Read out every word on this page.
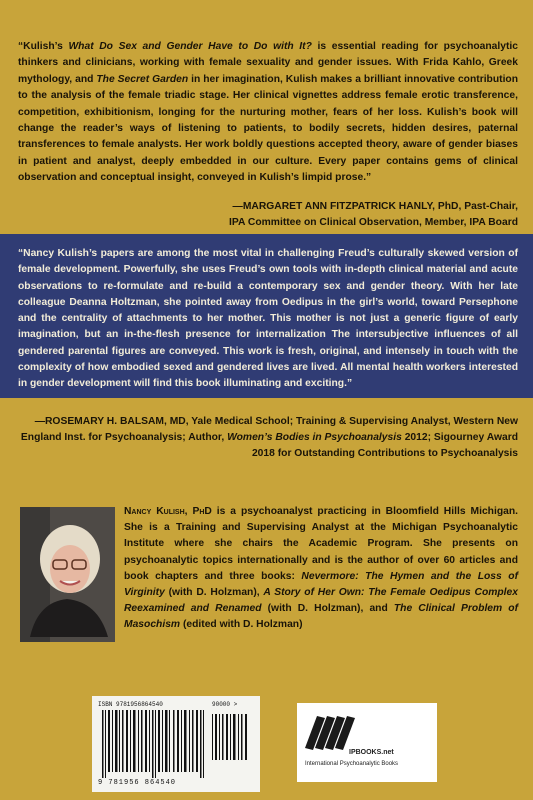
“Kulish’s What Do Sex and Gender Have to Do with It? is essential reading for psychoanalytic thinkers and clinicians, working with female sexuality and gender issues. With Frida Kahlo, Greek mythology, and The Secret Garden in her imagination, Kulish makes a brilliant innovative contribution to the analysis of the female triadic stage. Her clinical vignettes address female erotic transference, competition, exhibitionism, longing for the nurturing mother, fears of her loss. Kulish’s book will change the reader’s ways of listening to patients, to bodily secrets, hidden desires, paternal transferences to female analysts. Her work boldly questions accepted theory, aware of gender biases in patient and analyst, deeply embedded in our culture. Every paper contains gems of clinical observation and conceptual insight, conveyed in Kulish’s limpid prose.”
“Nancy Kulish’s papers are among the most vital in challenging Freud’s culturally skewed version of female development. Powerfully, she uses Freud’s own tools with in-depth clinical material and acute observations to re-formulate and re-build a contemporary sex and gender theory. With her late colleague Deanna Holtzman, she pointed away from Oedipus in the girl’s world, toward Persephone and the centrality of attachments to her mother. This mother is not just a generic figure of early imagination, but an in-the-flesh presence for internalization The intersubjective influences of all gendered parental figures are conveyed. This work is fresh, original, and intensely in touch with the complexity of how embodied sexed and gendered lives are lived. All mental health workers interested in gender development will find this book illuminating and exciting.”
—ROSEMARY H. BALSAM, MD, Yale Medical School; Training & Supervising Analyst, Western New England Inst. for Psychoanalysis; Author, Women’s Bodies in Psychoanalysis 2012; Sigourney Award 2018 for Outstanding Contributions to Psychoanalysis
Nancy Kulish, PhD is a psychoanalyst practicing in Bloomfield Hills Michigan. She is a Training and Supervising Analyst at the Michigan Psychoanalytic Institute where she chairs the Academic Program. She presents on psychoanalytic topics internationally and is the author of over 60 articles and book chapters and three books: Nevermore: The Hymen and the Loss of Virginity (with D. Holzman), A Story of Her Own: The Female Oedipus Complex Reexamined and Renamed (with D. Holzman), and The Clinical Problem of Masochism (edited with D. Holzman)
ISBN 9781956864540	90000 >
9 781956 864540
IPBOOKS.net
International Psychoanalytic Books
—MARGARET ANN FITZPATRICK HANLY, PhD, Past-Chair,
IPA Committee on Clinical Observation, Member, IPA Board
